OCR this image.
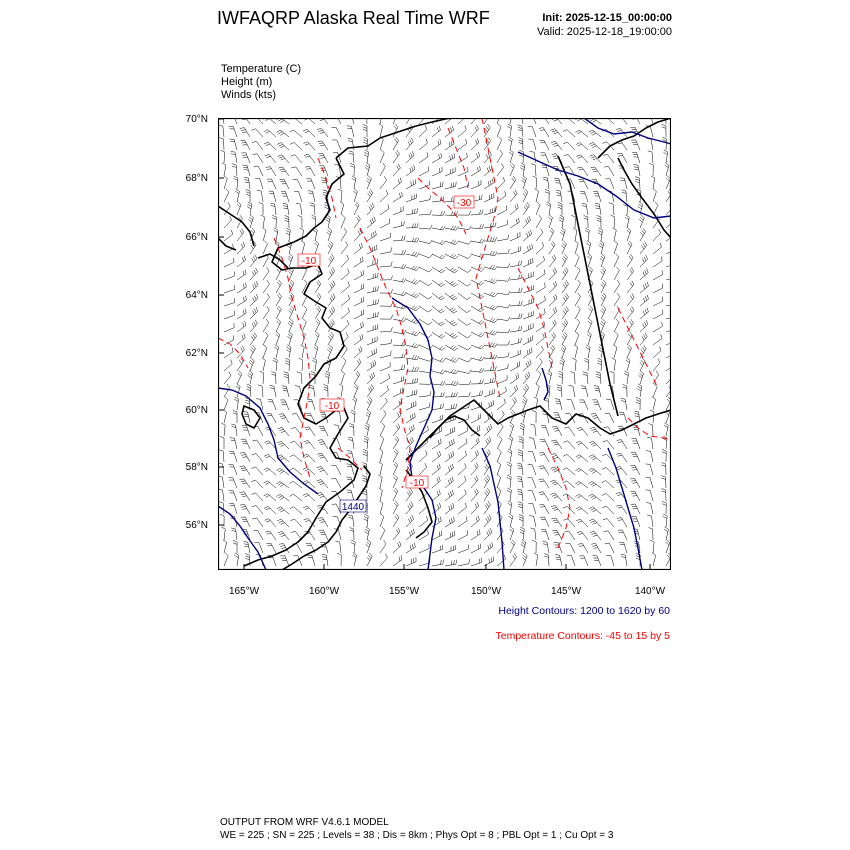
IWFAQRP Alaska Real Time WRF	Init: 2025-12-15_00:00:00
Valid: 2025-12-18_19:00:00
Temperature (C)
Height (m)
Winds (kts)
70°N
68°N
66°N
64°N
62°N
60°N
58°N
56°N
165°W	160°W	155°W	150°W	145°W	140°W
-30
-10
-10
-10
1440
Height Contours: 1200 to 1620 by 60
Temperature Contours: -45 to 15 by 5
OUTPUT FROM WRF V4.6.1 MODEL
WE = 225 ; SN = 225 ; Levels = 38 ; Dis = 8km ; Phys Opt = 8 ; PBL Opt = 1 ; Cu Opt = 3
